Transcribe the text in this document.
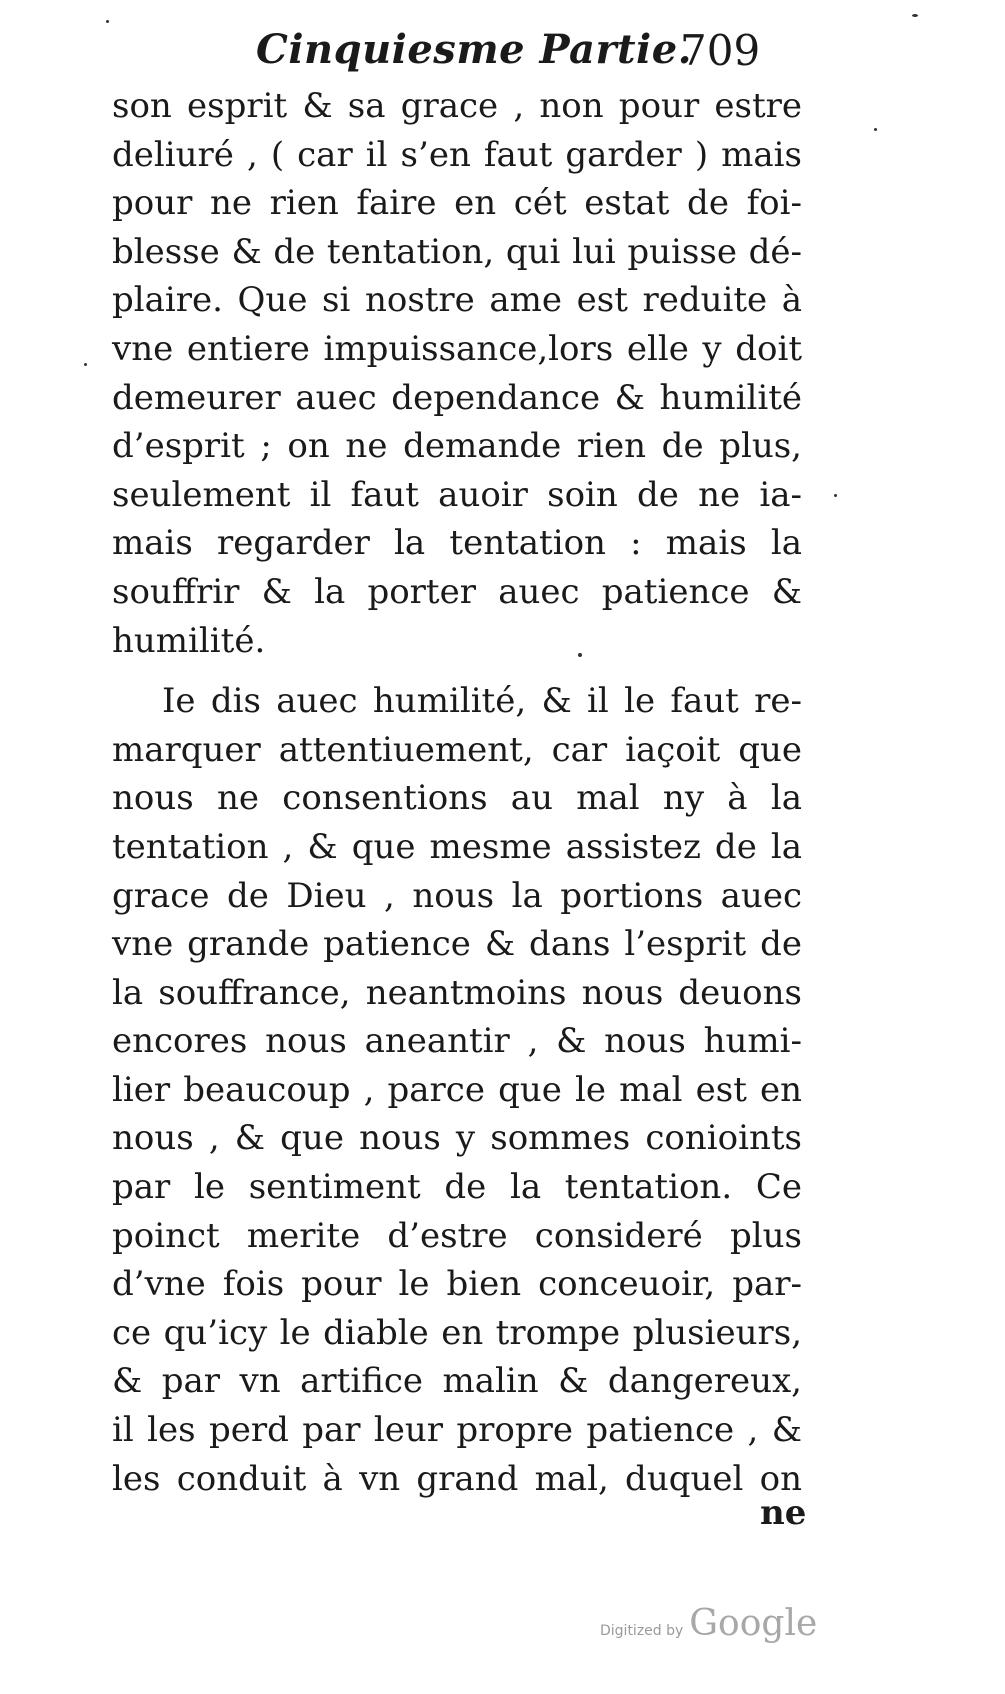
Cinquiesme Partie.
709
son esprit & sa grace , non pour estre
deliuré , ( car il s’en faut garder ) mais
pour ne rien faire en cét estat de foi-
blesse & de tentation, qui lui puisse dé-
plaire. Que si nostre ame est reduite à
vne entiere impuissance,lors elle y doit
demeurer auec dependance & humilité
d’esprit ; on ne demande rien de plus,
seulement il faut auoir soin de ne ia-
mais regarder la tentation : mais la
souffrir & la porter auec patience &
humilité.
Ie dis auec humilité, & il le faut re-
marquer attentiuement, car iaçoit que
nous ne consentions au mal ny à la
tentation , & que mesme assistez de la
grace de Dieu , nous la portions auec
vne grande patience & dans l’esprit de
la souffrance, neantmoins nous deuons
encores nous aneantir , & nous humi-
lier beaucoup , parce que le mal est en
nous , & que nous y sommes conioints
par le sentiment de la tentation. Ce
poinct merite d’estre consideré plus
d’vne fois pour le bien conceuoir, par-
ce qu’icy le diable en trompe plusieurs,
& par vn artifice malin & dangereux,
il les perd par leur propre patience , &
les conduit à vn grand mal, duquel on
ne
Digitized by Google
